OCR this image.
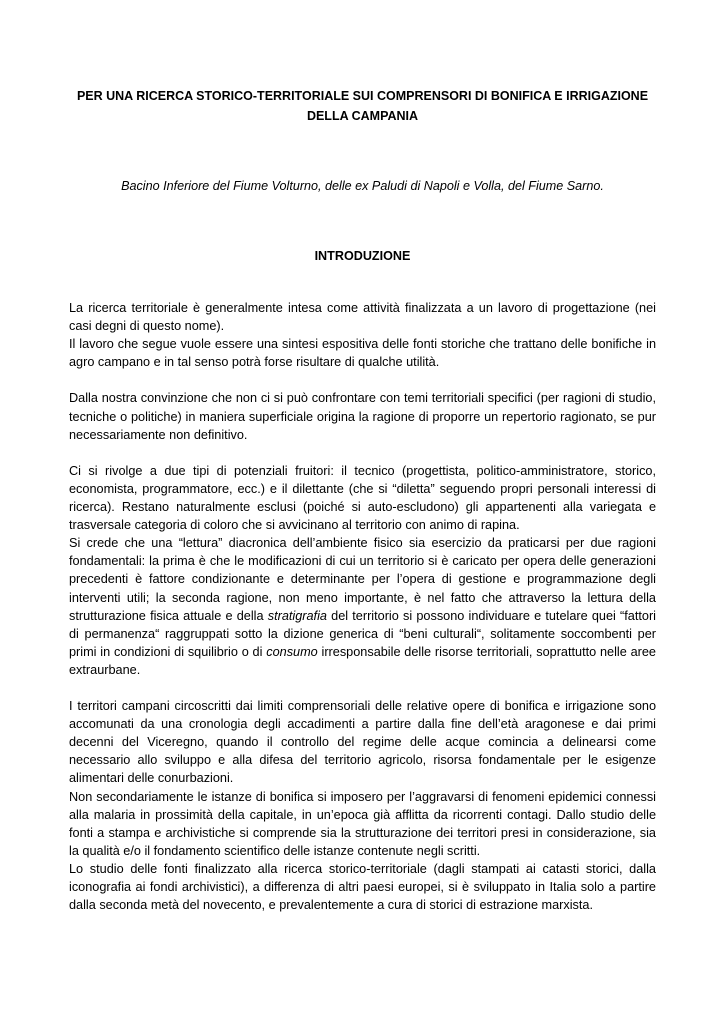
PER UNA RICERCA STORICO-TERRITORIALE SUI COMPRENSORI DI BONIFICA E IRRIGAZIONE
DELLA CAMPANIA
Bacino Inferiore del Fiume Volturno, delle ex Paludi di Napoli e Volla, del Fiume Sarno.
INTRODUZIONE

La ricerca territoriale è generalmente intesa come attività finalizzata a un lavoro di progettazione (nei casi degni di questo nome).
Il lavoro che segue vuole essere una sintesi espositiva delle fonti storiche che trattano delle bonifiche in agro campano e in tal senso potrà forse risultare di qualche utilità.

Dalla nostra convinzione che non ci si può confrontare con temi territoriali specifici (per ragioni di studio, tecniche o politiche) in maniera superficiale origina la ragione di proporre un repertorio ragionato, se pur necessariamente non definitivo.

Ci si rivolge a due tipi di potenziali fruitori: il tecnico (progettista, politico-amministratore, storico, economista, programmatore, ecc.) e il dilettante (che si “diletta” seguendo propri personali interessi di ricerca). Restano naturalmente esclusi (poiché si auto-escludono) gli appartenenti alla variegata e trasversale categoria di coloro che si avvicinano al territorio con animo di rapina.
Si crede che una “lettura” diacronica dell’ambiente fisico sia esercizio da praticarsi per due ragioni fondamentali: la prima è che le modificazioni di cui un territorio si è caricato per opera delle generazioni precedenti è fattore condizionante e determinante per l’opera di gestione e programmazione degli interventi utili; la seconda ragione, non meno importante, è nel fatto che attraverso la lettura della strutturazione fisica attuale e della stratigrafia del territorio si possono individuare e tutelare quei “fattori di permanenza“ raggruppati sotto la dizione generica di “beni culturali“, solitamente soccombenti per primi in condizioni di squilibrio o di consumo irresponsabile delle risorse territoriali, soprattutto nelle aree extraurbane.

I territori campani circoscritti dai limiti comprensoriali delle relative opere di bonifica e irrigazione sono accomunati da una cronologia degli accadimenti a partire dalla fine dell’età aragonese e dai primi decenni del Viceregno, quando il controllo del regime delle acque comincia a delinearsi come necessario allo sviluppo e alla difesa del territorio agricolo, risorsa fondamentale per le esigenze alimentari delle conurbazioni.
Non secondariamente le istanze di bonifica si imposero per l’aggravarsi di fenomeni epidemici connessi alla malaria in prossimità della capitale, in un’epoca già afflitta da ricorrenti contagi. Dallo studio delle fonti a stampa e archivistiche si comprende sia la strutturazione dei territori presi in considerazione, sia la qualità e/o il fondamento scientifico delle istanze contenute negli scritti.
Lo studio delle fonti finalizzato alla ricerca storico-territoriale (dagli stampati ai catasti storici, dalla iconografia ai fondi archivistici), a differenza di altri paesi europei, si è sviluppato in Italia solo a partire dalla seconda metà del novecento, e prevalentemente a cura di storici di estrazione marxista.
